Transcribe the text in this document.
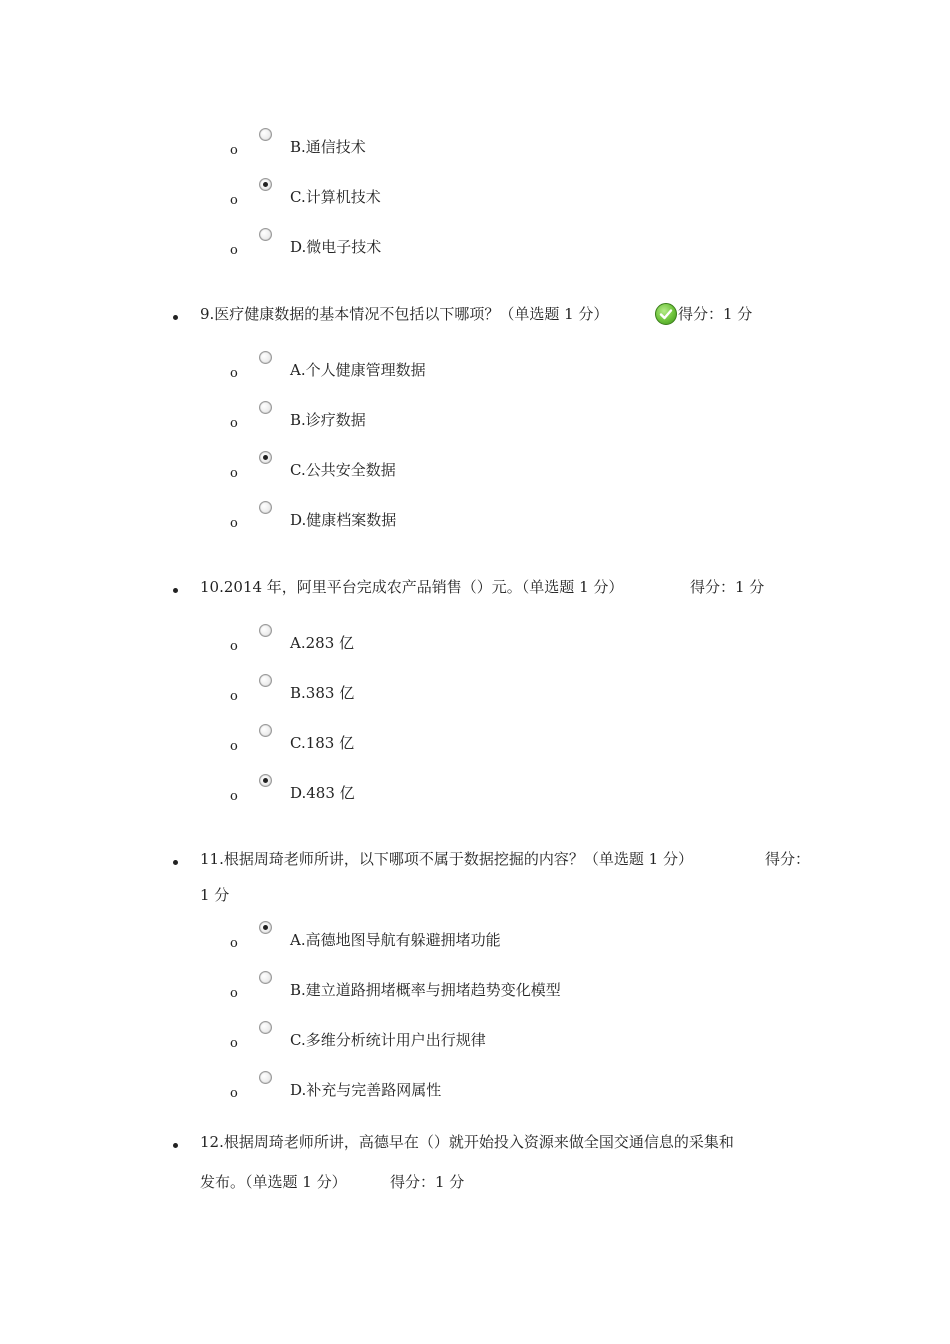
o	B.通信技术
o	C.计算机技术
o	D.微电子技术
9.医疗健康数据的基本情况不包括以下哪项？（单选题 1 分）	得分：1 分
o	A.个人健康管理数据
o	B.诊疗数据
o	C.公共安全数据
o	D.健康档案数据
10.2014 年，阿里平台完成农产品销售（）元。（单选题 1 分）	得分：1 分
o	A.283 亿
o	B.383 亿
o	C.183 亿
o	D.483 亿
11.根据周琦老师所讲，以下哪项不属于数据挖掘的内容？（单选题 1 分）	得分：
1 分
o	A.高德地图导航有躲避拥堵功能
o	B.建立道路拥堵概率与拥堵趋势变化模型
o	C.多维分析统计用户出行规律
o	D.补充与完善路网属性
12.根据周琦老师所讲，高德早在（）就开始投入资源来做全国交通信息的采集和
发布。（单选题 1 分）	得分：1 分
